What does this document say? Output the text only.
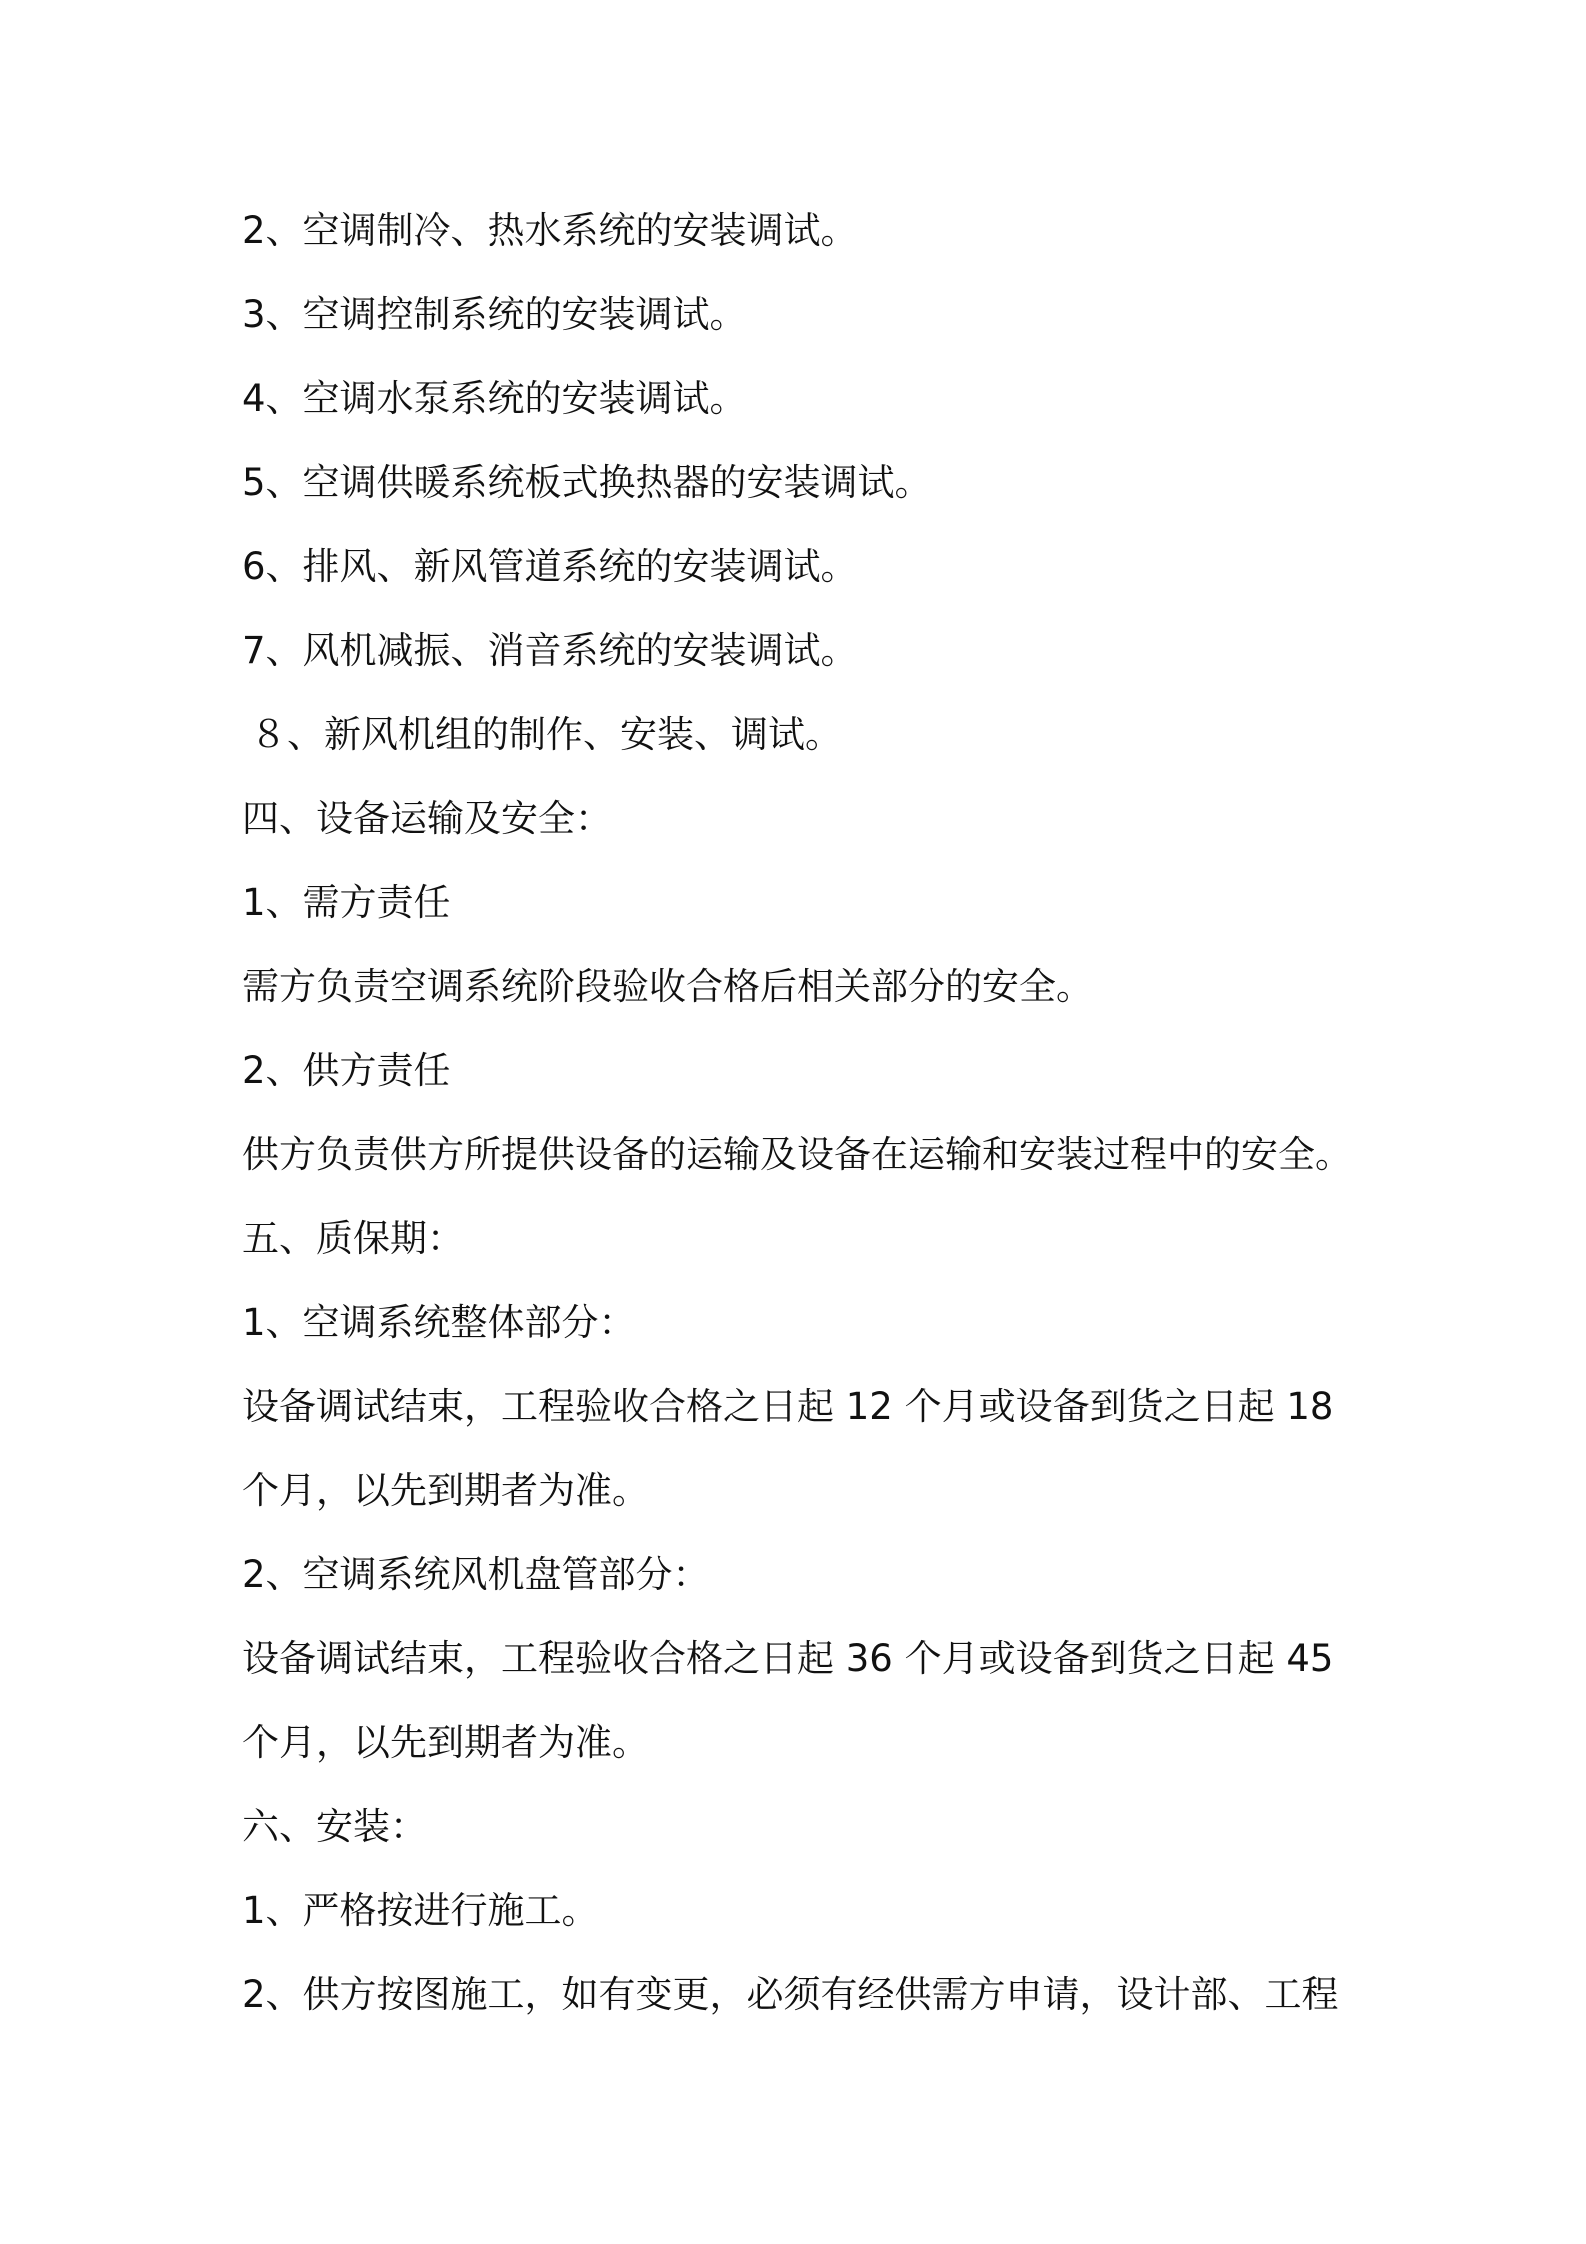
2、空调制冷、热水系统的安装调试。
3、空调控制系统的安装调试。
4、空调水泵系统的安装调试。
5、空调供暖系统板式换热器的安装调试。
6、排风、新风管道系统的安装调试。
7、风机减振、消音系统的安装调试。
８、新风机组的制作、安装、调试。
四、设备运输及安全：
1、需方责任
需方负责空调系统阶段验收合格后相关部分的安全。
2、供方责任
供方负责供方所提供设备的运输及设备在运输和安装过程中的安全。
五、质保期：
1、空调系统整体部分：
设备调试结束，工程验收合格之日起 12 个月或设备到货之日起 18
个月，以先到期者为准。
2、空调系统风机盘管部分：
设备调试结束，工程验收合格之日起 36 个月或设备到货之日起 45
个月，以先到期者为准。
六、安装：
1、严格按进行施工。
2、供方按图施工，如有变更，必须有经供需方申请，设计部、工程
